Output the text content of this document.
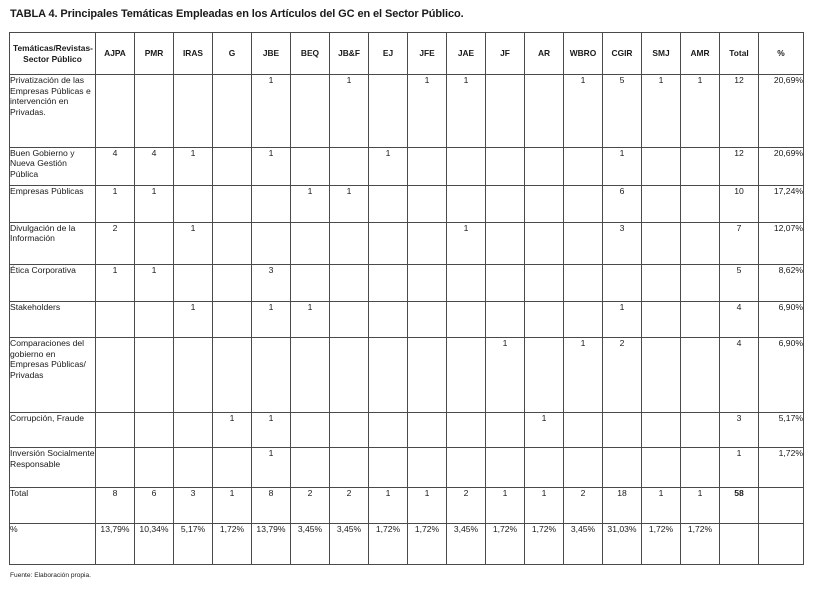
TABLA 4. Principales Temáticas Empleadas en los Artículos del GC en el Sector Público.
Temáticas/Revistas-Sector Público	AJPA	PMR	IRAS	G	JBE	BEQ	JB&F	EJ	JFE	JAE	JF	AR	WBRO	CGIR	SMJ	AMR	Total	%
Privatización de las Empresas Públicas e intervención en Privadas.					1		1		1	1			1	5	1	1	12	20,69%
Buen Gobierno y Nueva Gestión Pública	4	4	1		1			1						1			12	20,69%
Empresas Públicas	1	1				1	1							6			10	17,24%
Divulgación de la Información	2		1							1				3			7	12,07%
Ética Corporativa	1	1			3												5	8,62%
Stakeholders			1		1	1								1			4	6,90%
Comparaciones del gobierno en Empresas Públicas/ Privadas											1		1	2			4	6,90%
Corrupción, Fraude				1	1							1					3	5,17%
Inversión Socialmente Responsable					1												1	1,72%
Total	8	6	3	1	8	2	2	1	1	2	1	1	2	18	1	1	58	
%	13,79%	10,34%	5,17%	1,72%	13,79%	3,45%	3,45%	1,72%	1,72%	3,45%	1,72%	1,72%	3,45%	31,03%	1,72%	1,72%		
Fuente: Elaboración propia.
